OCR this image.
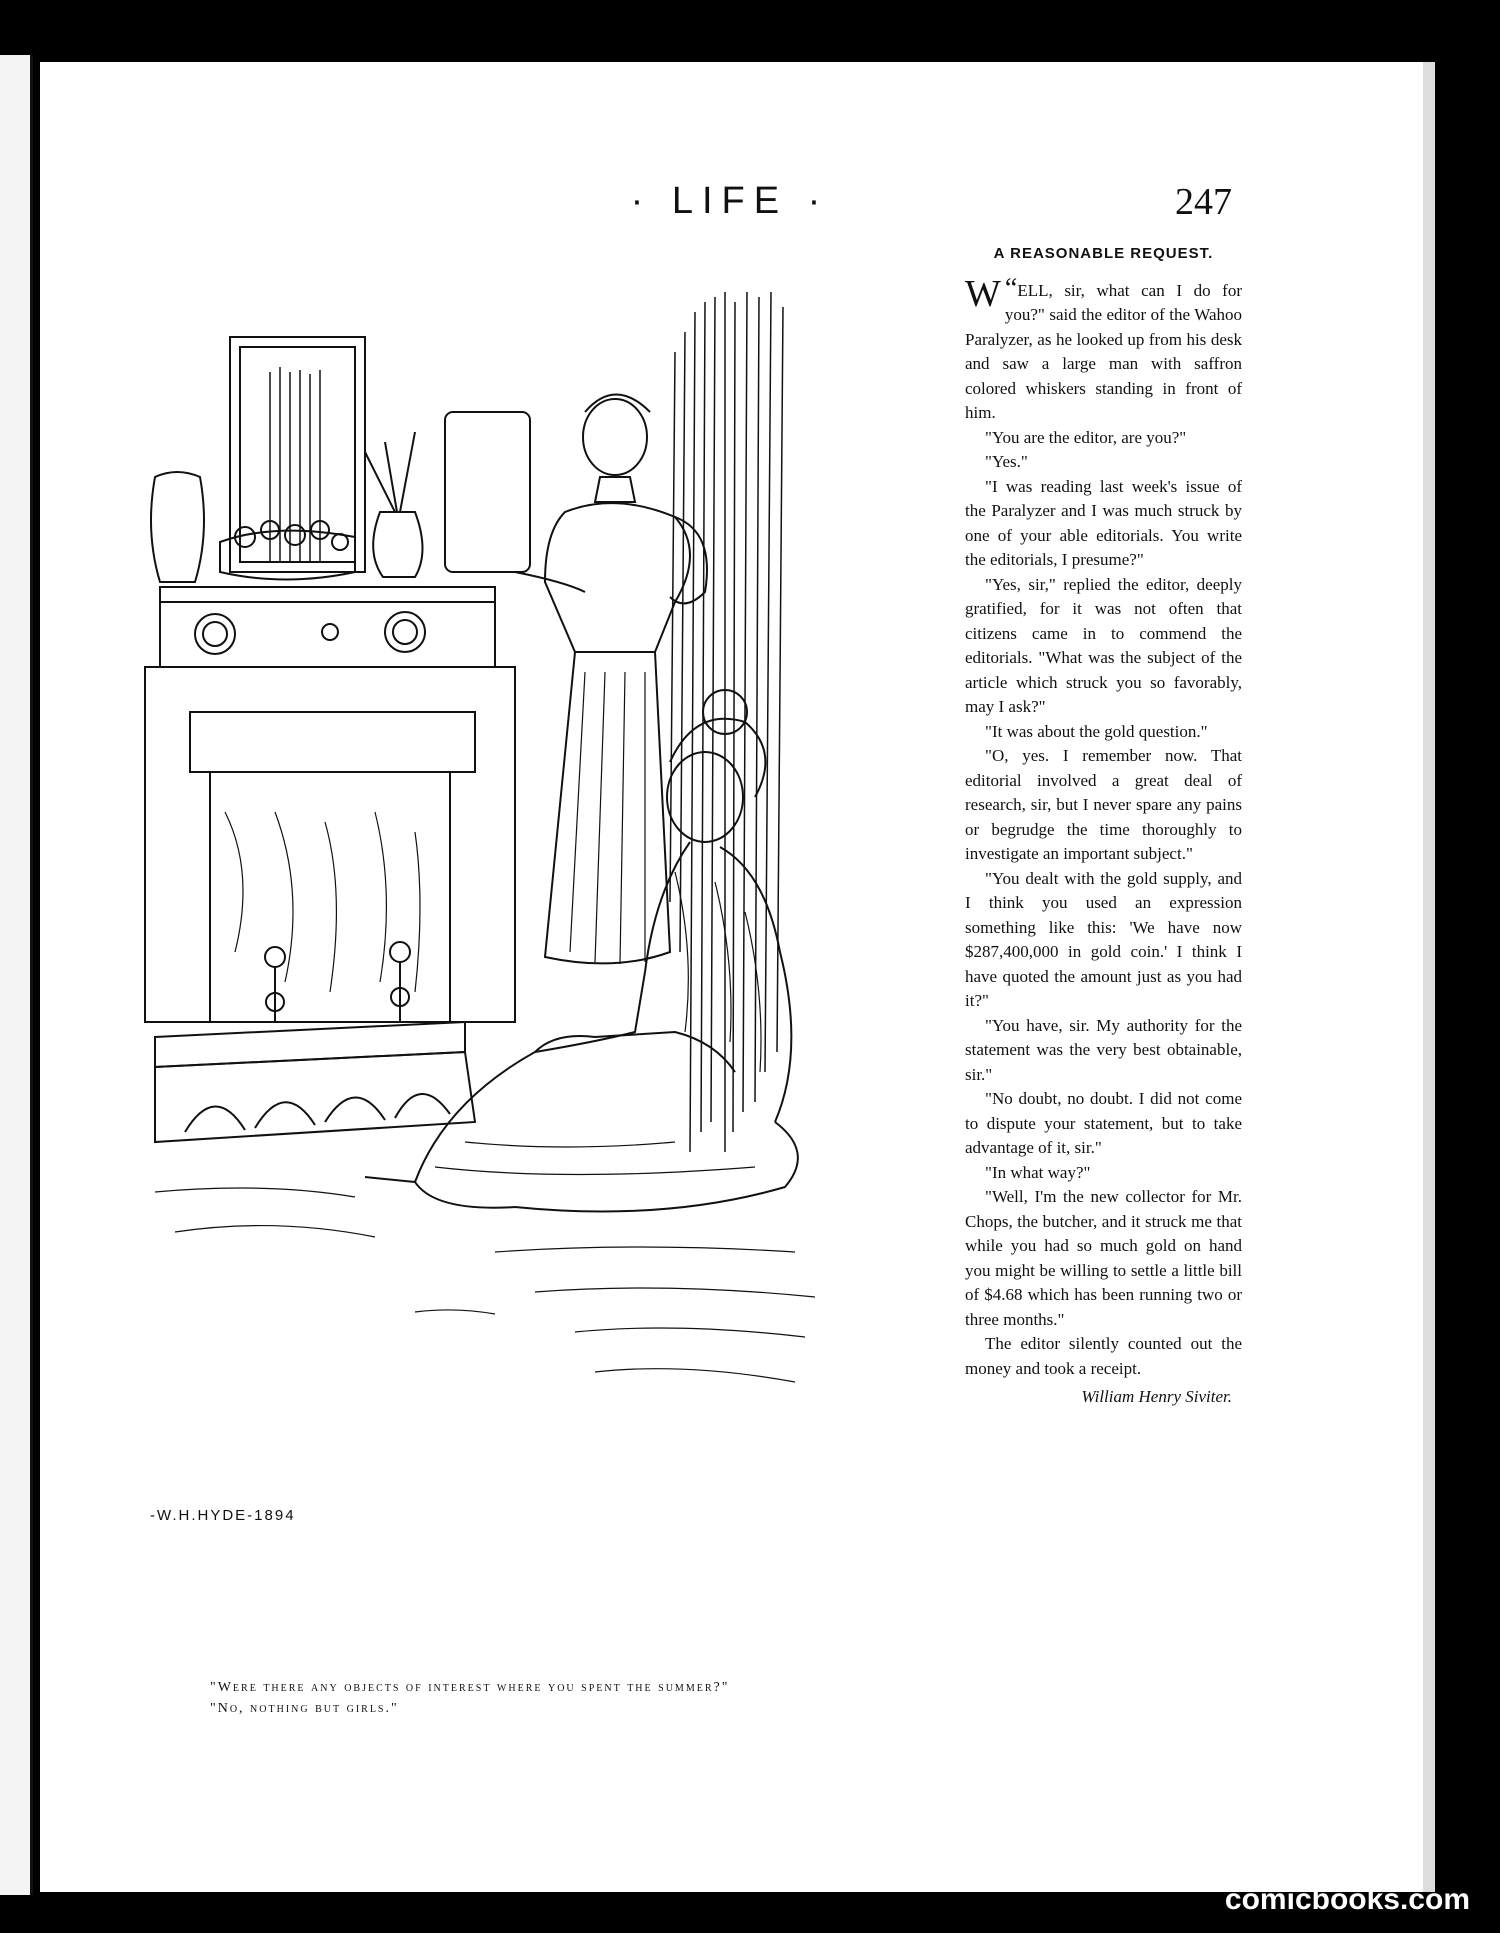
· LIFE ·	247
-W.H.HYDE-1894
"Were there any objects of interest where you spent the summer?"
"No, nothing but girls."
A REASONABLE REQUEST.

“
W ELL, sir, what can I do for you?" said the editor of the Wahoo Paralyzer, as he looked up from his desk and saw a large man with saffron colored whiskers standing in front of him.

"You are the editor, are you?"

"Yes."

"I was reading last week's issue of the Paralyzer and I was much struck by one of your able editorials. You write the editorials, I presume?"

"Yes, sir," replied the editor, deeply gratified, for it was not often that citizens came in to commend the editorials. "What was the subject of the article which struck you so favorably, may I ask?"

"It was about the gold question."

"O, yes. I remember now. That editorial involved a great deal of research, sir, but I never spare any pains or begrudge the time thoroughly to investigate an important subject."

"You dealt with the gold supply, and I think you used an expression something like this: 'We have now $287,400,000 in gold coin.' I think I have quoted the amount just as you had it?"

"You have, sir. My authority for the statement was the very best obtainable, sir."

"No doubt, no doubt. I did not come to dispute your statement, but to take advantage of it, sir."

"In what way?"

"Well, I'm the new collector for Mr. Chops, the butcher, and it struck me that while you had so much gold on hand you might be willing to settle a little bill of $4.68 which has been running two or three months."

The editor silently counted out the money and took a receipt.

William Henry Siviter.

comicbooks.com
